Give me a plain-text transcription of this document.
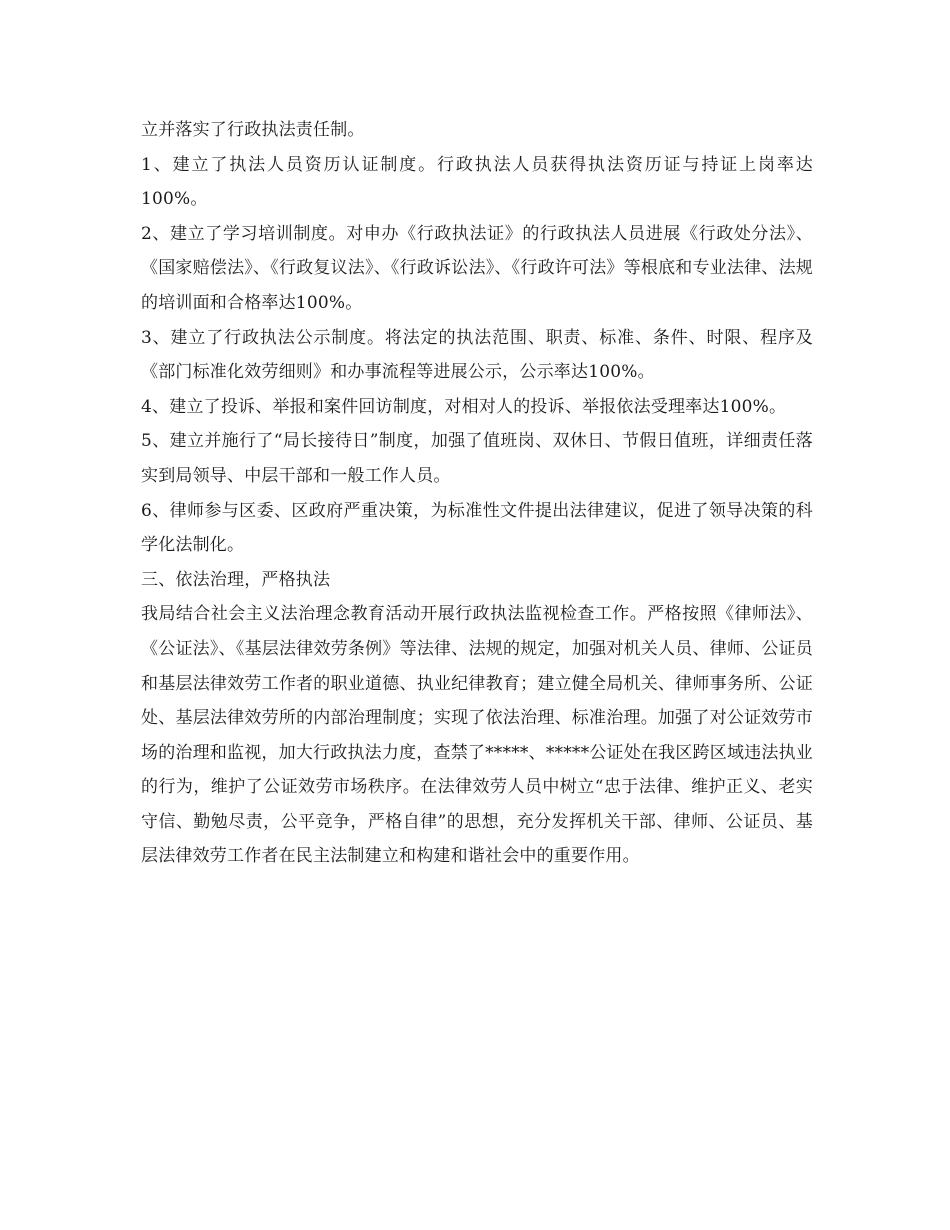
立并落实了行政执法责任制。

1、建立了执法人员资历认证制度。行政执法人员获得执法资历证与持证上岗率达100%。

2、建立了学习培训制度。对申办《行政执法证》的行政执法人员进展《行政处分法》、《国家赔偿法》、《行政复议法》、《行政诉讼法》、《行政许可法》等根底和专业法律、法规的培训面和合格率达100%。

3、建立了行政执法公示制度。将法定的执法范围、职责、标准、条件、时限、程序及《部门标准化效劳细则》和办事流程等进展公示，公示率达100%。

4、建立了投诉、举报和案件回访制度，对相对人的投诉、举报依法受理率达100%。

5、建立并施行了“局长接待日”制度，加强了值班岗、双休日、节假日值班，详细责任落实到局领导、中层干部和一般工作人员。

6、律师参与区委、区政府严重决策，为标准性文件提出法律建议，促进了领导决策的科学化法制化。

三、依法治理，严格执法

我局结合社会主义法治理念教育活动开展行政执法监视检查工作。严格按照《律师法》、《公证法》、《基层法律效劳条例》等法律、法规的规定，加强对机关人员、律师、公证员和基层法律效劳工作者的职业道德、执业纪律教育；建立健全局机关、律师事务所、公证处、基层法律效劳所的内部治理制度；实现了依法治理、标准治理。加强了对公证效劳市场的治理和监视，加大行政执法力度，查禁了*****、*****公证处在我区跨区域违法执业的行为，维护了公证效劳市场秩序。在法律效劳人员中树立“忠于法律、维护正义、老实守信、勤勉尽责，公平竞争，严格自律”的思想，充分发挥机关干部、律师、公证员、基层法律效劳工作者在民主法制建立和构建和谐社会中的重要作用。
